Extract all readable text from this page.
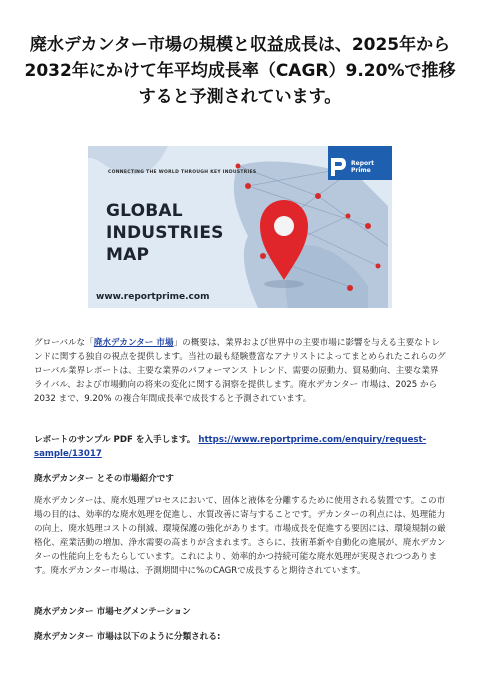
廃水デカンター市場の規模と収益成長は、2025年から2032年にかけて年平均成長率（CAGR）9.20%で推移すると予測されています。
CONNECTING THE WORLD THROUGH KEY INDUSTRIES
GLOBAL
INDUSTRIES
MAP
www.reportprime.com
Report
Prime
グローバルな「廃水デカンター 市場」の概要は、業界および世界中の主要市場に影響を与える主要なトレンドに関する独自の視点を提供します。当社の最も経験豊富なアナリストによってまとめられたこれらのグローバル業界レポートは、主要な業界のパフォーマンス トレンド、需要の原動力、貿易動向、主要な業界ライバル、および市場動向の将来の変化に関する洞察を提供します。廃水デカンター 市場は、2025 から 2032 まで、9.20% の複合年間成長率で成長すると予測されています。
レポートのサンプル PDF を入手します。 https://www.reportprime.com/enquiry/request-sample/13017
廃水デカンター とその市場紹介です
廃水デカンターは、廃水処理プロセスにおいて、固体と液体を分離するために使用される装置です。この市場の目的は、効率的な廃水処理を促進し、水質改善に寄与することです。デカンターの利点には、処理能力の向上、廃水処理コストの削減、環境保護の強化があります。市場成長を促進する要因には、環境規制の厳格化、産業活動の増加、浄水需要の高まりが含まれます。さらに、技術革新や自動化の進展が、廃水デカンターの性能向上をもたらしています。これにより、効率的かつ持続可能な廃水処理が実現されつつあります。廃水デカンター市場は、予測期間中に%のCAGRで成長すると期待されています。
廃水デカンター 市場セグメンテーション
廃水デカンター 市場は以下のように分類される:
